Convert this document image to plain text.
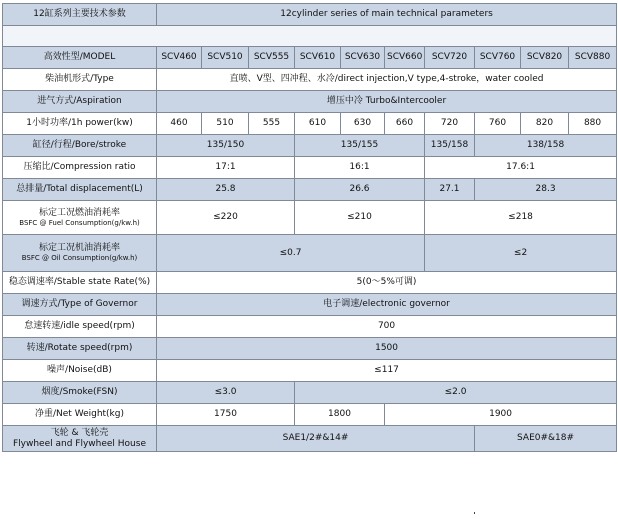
12缸系列主要技术参数	12cylinder series of main technical parameters									

高效性型/MODEL	SCV460	SCV510	SCV555	SCV610	SCV630	SCV660	SCV720	SCV760	SCV820	SCV880
柴油机形式/Type	直喷、V型、四冲程、水冷/direct injection,V type,4-stroke，water cooled									
进气方式/Aspiration	增压中冷 Turbo&Intercooler									
1小时功率/1h power(kw)	460	510	555	610	630	660	720	760	820	880
缸径/行程/Bore/stroke	135/150			135/155			135/158	138/158		
压缩比/Compression ratio	17:1			16:1			17.6:1			
总排量/Total displacement(L)	25.8			26.6			27.1	28.3		

标定工况燃油消耗率
BSFC @ Fuel Consumption(g/kw.h)	≤220			≤210			≤218			

标定工况机油消耗率
BSFC @ Oil Consumption(g/kw.h)	≤0.7						≤2			
稳态调速率/Stable state Rate(%)	5(0～5%可调)									
调速方式/Type of Governor	电子调速/electronic governor									
怠速转速/idle speed(rpm)	700									
转速/Rotate speed(rpm)	1500									
噪声/Noise(dB)	≤117									
烟度/Smoke(FSN)	≤3.0			≤2.0						
净重/Net Weight(kg)	1750			1800		1900				

飞轮 & 飞轮壳
Flywheel and Flywheel House	SAE1/2#&14#							SAE0#&18#		
